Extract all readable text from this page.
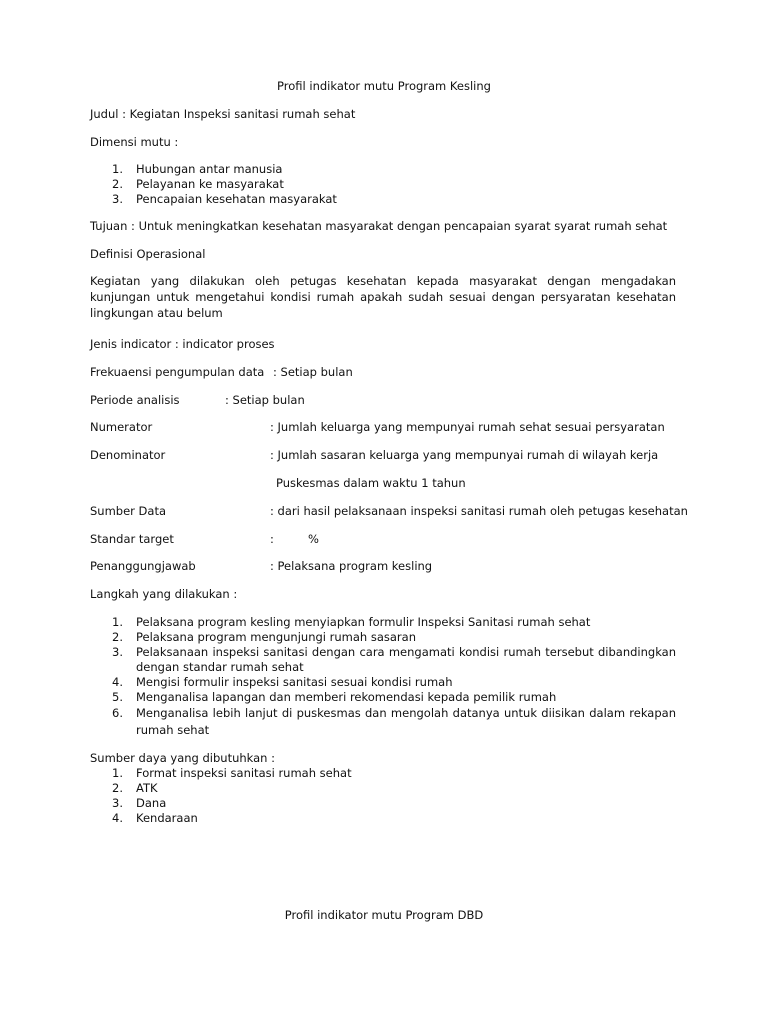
Profil indikator mutu Program Kesling
Judul : Kegiatan Inspeksi sanitasi rumah sehat
Dimensi mutu :
1. Hubungan antar manusia
2. Pelayanan ke masyarakat
3. Pencapaian kesehatan masyarakat
Tujuan : Untuk meningkatkan kesehatan masyarakat dengan pencapaian syarat syarat rumah sehat
Definisi Operasional
Kegiatan yang dilakukan oleh petugas kesehatan kepada masyarakat dengan mengadakan kunjungan untuk mengetahui kondisi rumah apakah sudah sesuai dengan persyaratan kesehatan lingkungan atau belum
Jenis indicator : indicator proses
Frekuaensi pengumpulan data : Setiap bulan
Periode analisis	: Setiap bulan
Numerator	: Jumlah keluarga yang mempunyai rumah sehat sesuai persyaratan
Denominator	: Jumlah sasaran keluarga yang mempunyai rumah di wilayah kerja
Puskesmas dalam waktu 1 tahun
Sumber Data	: dari hasil pelaksanaan inspeksi sanitasi rumah oleh petugas kesehatan
Standar target	:	%
Penanggungjawab	: Pelaksana program kesling
Langkah yang dilakukan :
1. Pelaksana program kesling menyiapkan formulir Inspeksi Sanitasi rumah sehat
2. Pelaksana program mengunjungi rumah sasaran
3. Pelaksanaan inspeksi sanitasi dengan cara mengamati kondisi rumah tersebut dibandingkan dengan standar rumah sehat
4. Mengisi formulir inspeksi sanitasi sesuai kondisi rumah
5. Menganalisa lapangan dan memberi rekomendasi kepada pemilik rumah
6. Menganalisa lebih lanjut di puskesmas dan mengolah datanya untuk diisikan dalam rekapan rumah sehat
Sumber daya yang dibutuhkan :
1. Format inspeksi sanitasi rumah sehat
2. ATK
3. Dana
4. Kendaraan
Profil indikator mutu Program DBD
